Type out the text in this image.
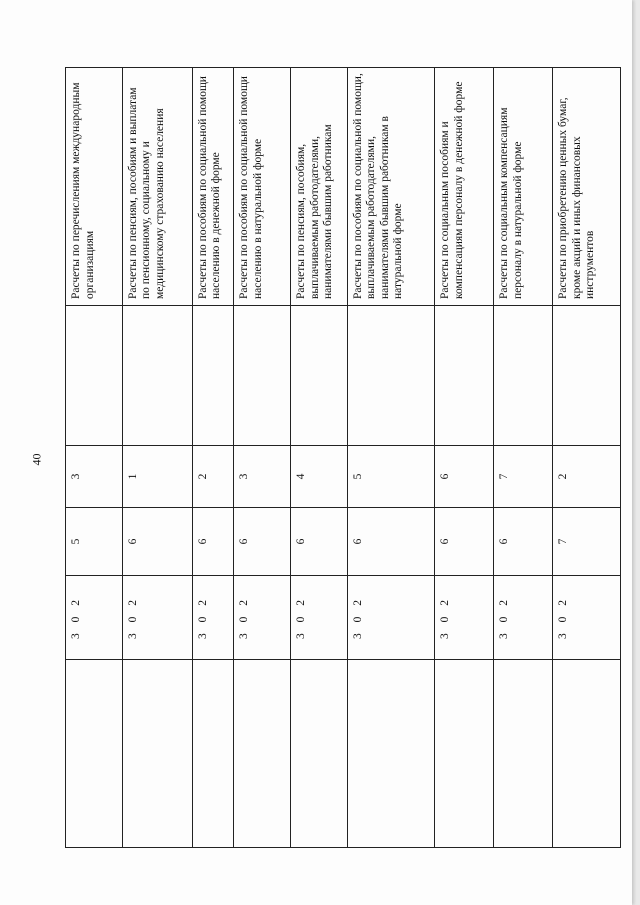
40
	3 0 2	5	3		Расчеты по перечислениям международным организациям
	3 0 2	6	1		Расчеты по пенсиям, пособиям и выплатам по пенсионному, социальному и медицинскому страхованию населения
	3 0 2	6	2		Расчеты по пособиям по социальной помощи населению в денежной форме
	3 0 2	6	3		Расчеты по пособиям по социальной помощи населению в натуральной форме
	3 0 2	6	4		Расчеты по пенсиям, пособиям, выплачиваемым работодателями, нанимателями бывшим работникам
	3 0 2	6	5		Расчеты по пособиям по социальной помощи, выплачиваемым работодателями, нанимателями бывшим работникам в натуральной форме
	3 0 2	6	6		Расчеты по социальным пособиям и компенсациям персоналу в денежной форме
	3 0 2	6	7		Расчеты по социальным компенсациям персоналу в натуральной форме
	3 0 2	7	2		Расчеты по приобретению ценных бумаг, кроме акций и иных финансовых инструментов
